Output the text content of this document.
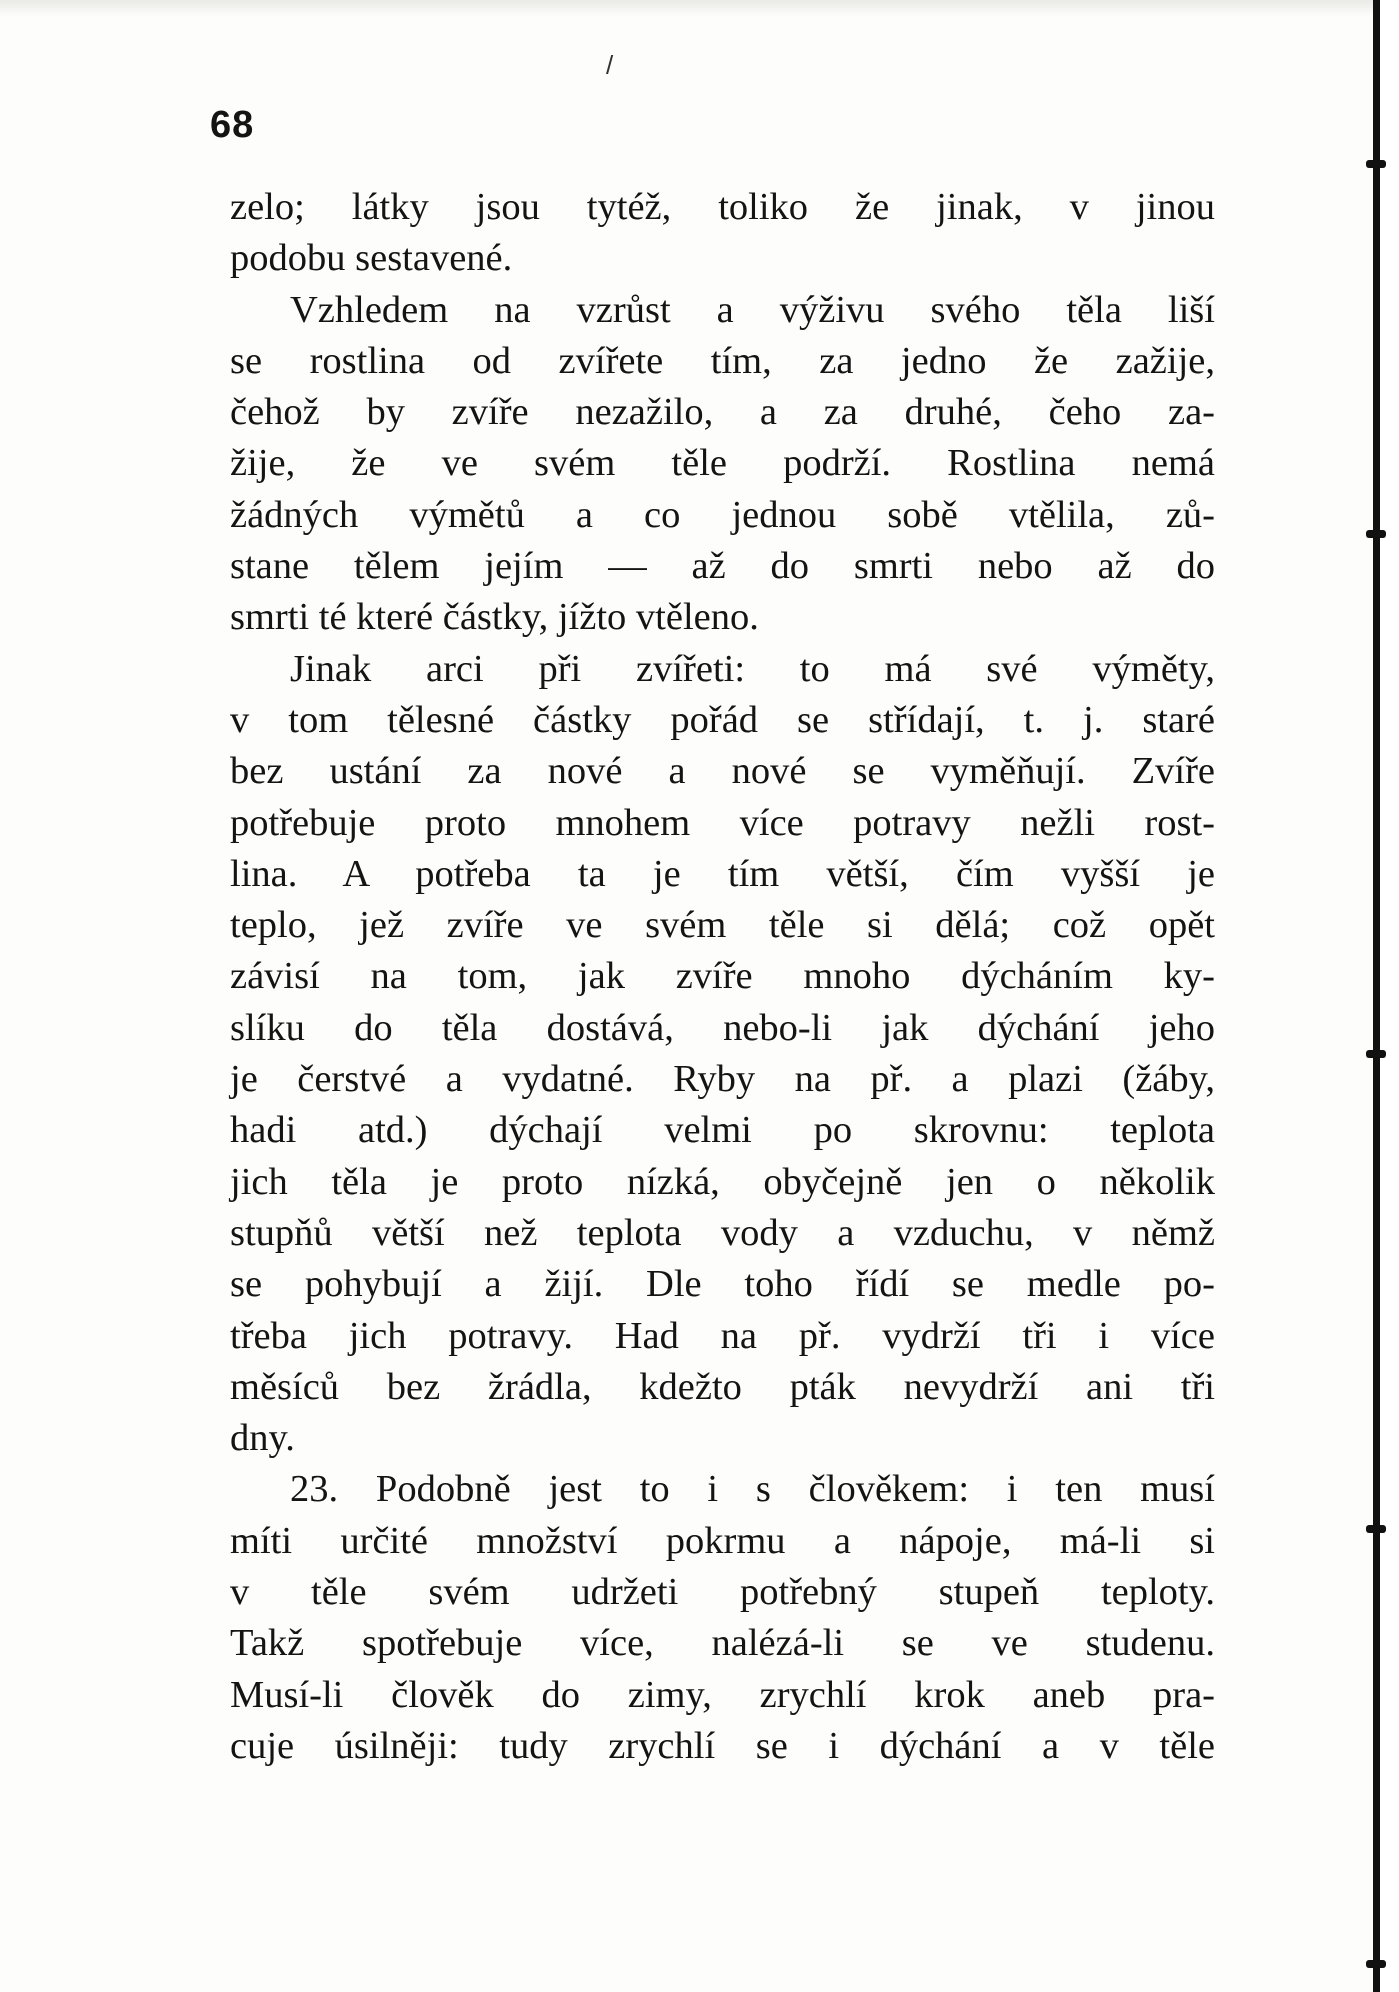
/
68
zelo; látky jsou tytéž, toliko že jinak, v jinou
podobu sestavené.
Vzhledem na vzrůst a výživu svého těla liší
se rostlina od zvířete tím, za jedno že zažije,
čehož by zvíře nezažilo, a za druhé, čeho za-
žije, že ve svém těle podrží. Rostlina nemá
žádných výmětů a co jednou sobě vtělila, zů-
stane tělem jejím — až do smrti nebo až do
smrti té které částky, jížto vtěleno.
Jinak arci při zvířeti: to má své výměty,
v tom tělesné částky pořád se střídají, t. j. staré
bez ustání za nové a nové se vyměňují. Zvíře
potřebuje proto mnohem více potravy nežli rost-
lina. A potřeba ta je tím větší, čím vyšší je
teplo, jež zvíře ve svém těle si dělá; což opět
závisí na tom, jak zvíře mnoho dýcháním ky-
slíku do těla dostává, nebo-li jak dýchání jeho
je čerstvé a vydatné. Ryby na př. a plazi (žáby,
hadi atd.) dýchají velmi po skrovnu: teplota
jich těla je proto nízká, obyčejně jen o několik
stupňů větší než teplota vody a vzduchu, v němž
se pohybují a žijí. Dle toho řídí se medle po-
třeba jich potravy. Had na př. vydrží tři i více
měsíců bez žrádla, kdežto pták nevydrží ani tři
dny.
23. Podobně jest to i s člověkem: i ten musí
míti určité množství pokrmu a nápoje, má-li si
v těle svém udržeti potřebný stupeň teploty.
Takž spotřebuje více, nalézá-li se ve studenu.
Musí-li člověk do zimy, zrychlí krok aneb pra-
cuje úsilněji: tudy zrychlí se i dýchání a v těle
